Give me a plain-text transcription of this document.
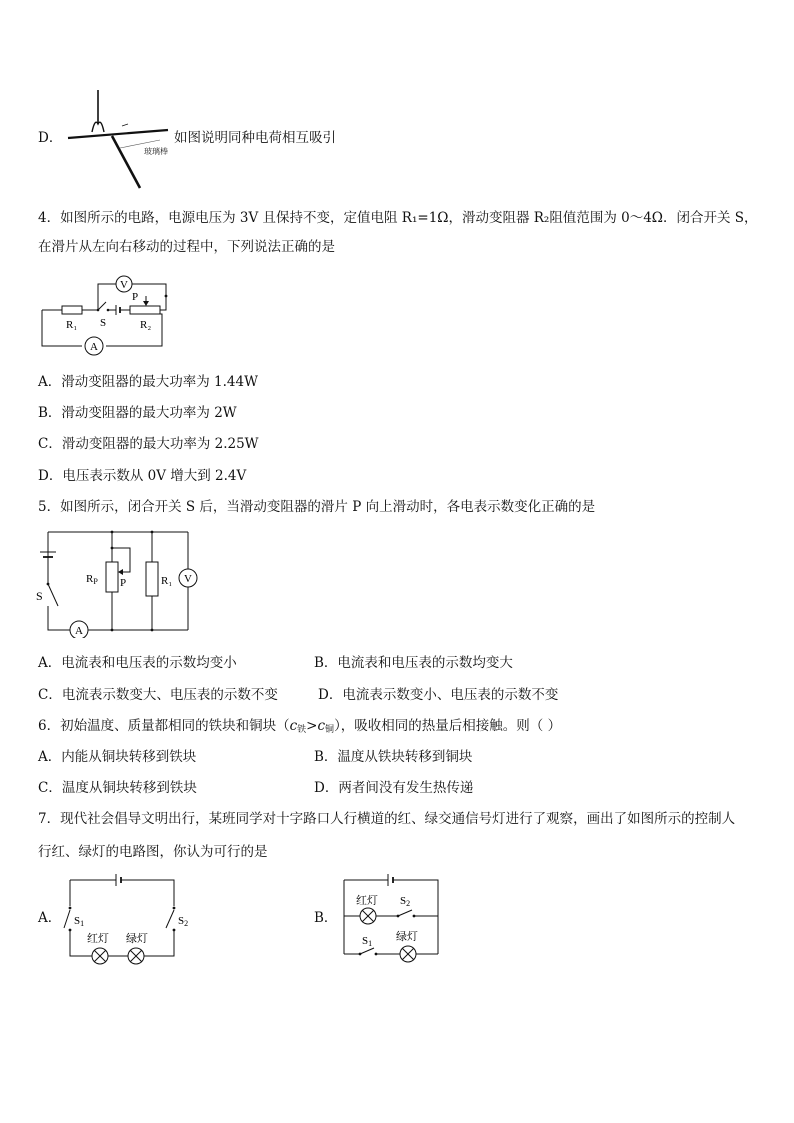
D．
玻璃棒
如图说明同种电荷相互吸引
4．如图所示的电路，电源电压为 3V 且保持不变，定值电阻 R₁=1Ω，滑动变阻器 R₂阻值范围为 0～4Ω．闭合开关 S，
在滑片从左向右移动的过程中，下列说法正确的是
V
A
R₁ S
P
R₂
A．滑动变阻器的最大功率为 1.44W
B．滑动变阻器的最大功率为 2W
C．滑动变阻器的最大功率为 2.25W
D．电压表示数从 0V 增大到 2.4V
5．如图所示，闭合开关 S 后，当滑动变阻器的滑片 P 向上滑动时，各电表示数变化正确的是
A
RP P	R₁ V
S
A．电流表和电压表的示数均变小	B．电流表和电压表的示数均变大
C．电流表示数变大、电压表的示数不变	D．电流表示数变小、电压表的示数不变
6．初始温度、质量都相同的铁块和铜块$(c_铁>c_铜)$，吸收相同的热量后相接触。则（ ）
A．内能从铜块转移到铁块	B．温度从铁块转移到铜块
C．温度从铜块转移到铁块	D．两者间没有发生热传递
7．现代社会倡导文明出行，某班同学对十字路口人行横道的红、绿交通信号灯进行了观察，画出了如图所示的控制人
行红、绿灯的电路图，你认为可行的是
A． S1	S2
红灯 绿灯
B．
红灯 S2
S1
绿灯
